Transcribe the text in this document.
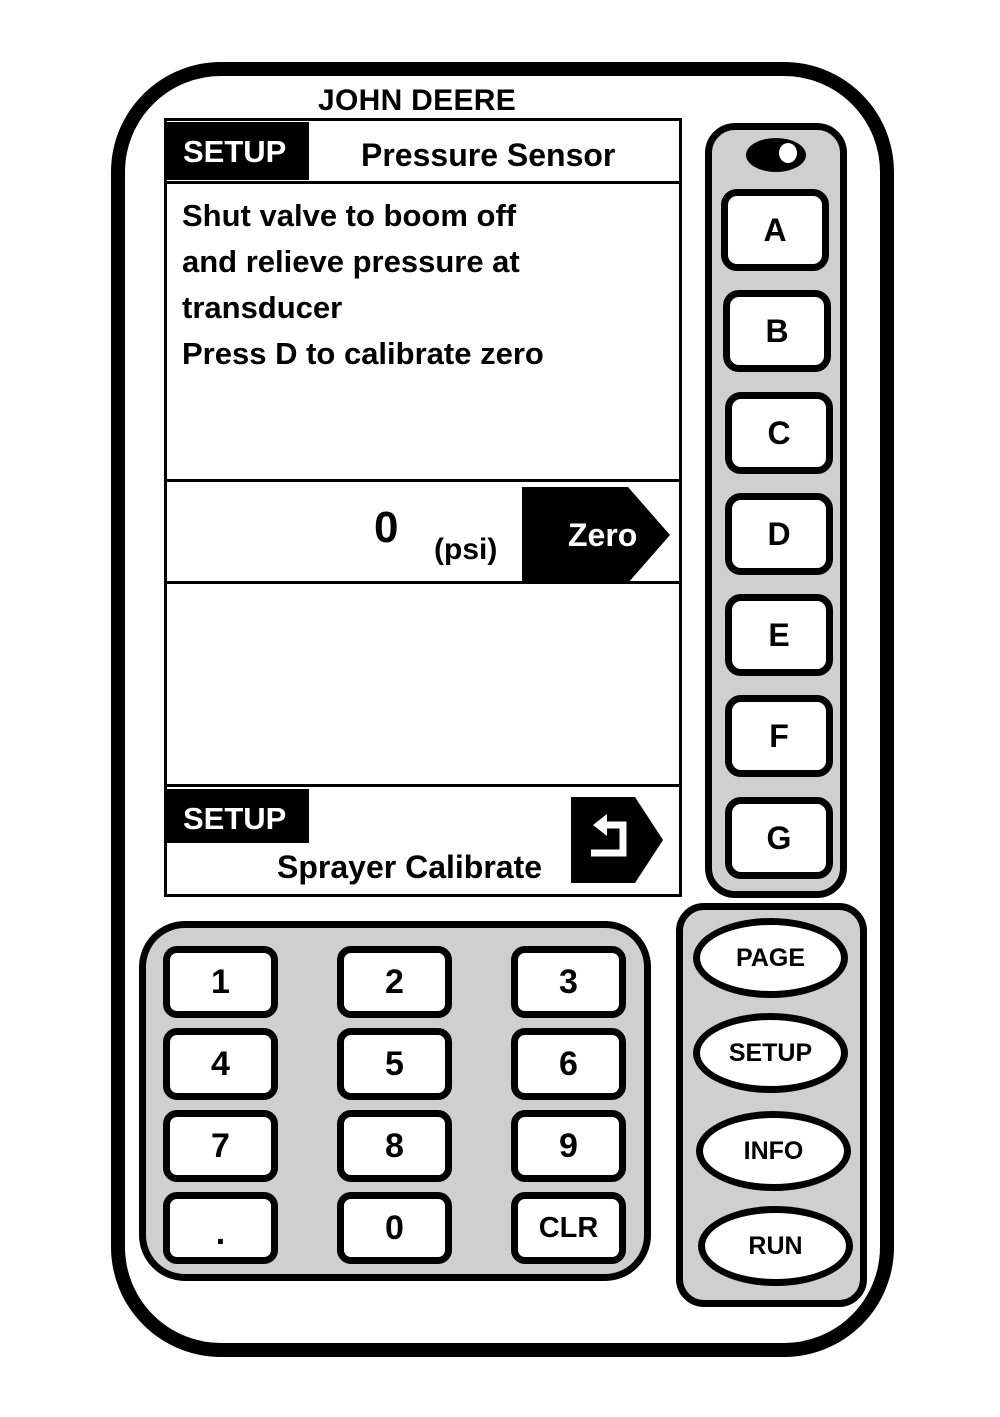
JOHN DEERE
SETUP	Pressure Sensor
Shut valve to boom off
and relieve pressure at
transducer
Press D to calibrate zero
0 (psi) Zero
SETUP
Sprayer Calibrate
A
B
C
D
E
F
G
1	2	3
4	5	6
7	8	9
.	0	CLR
PAGE
SETUP
INFO
RUN
